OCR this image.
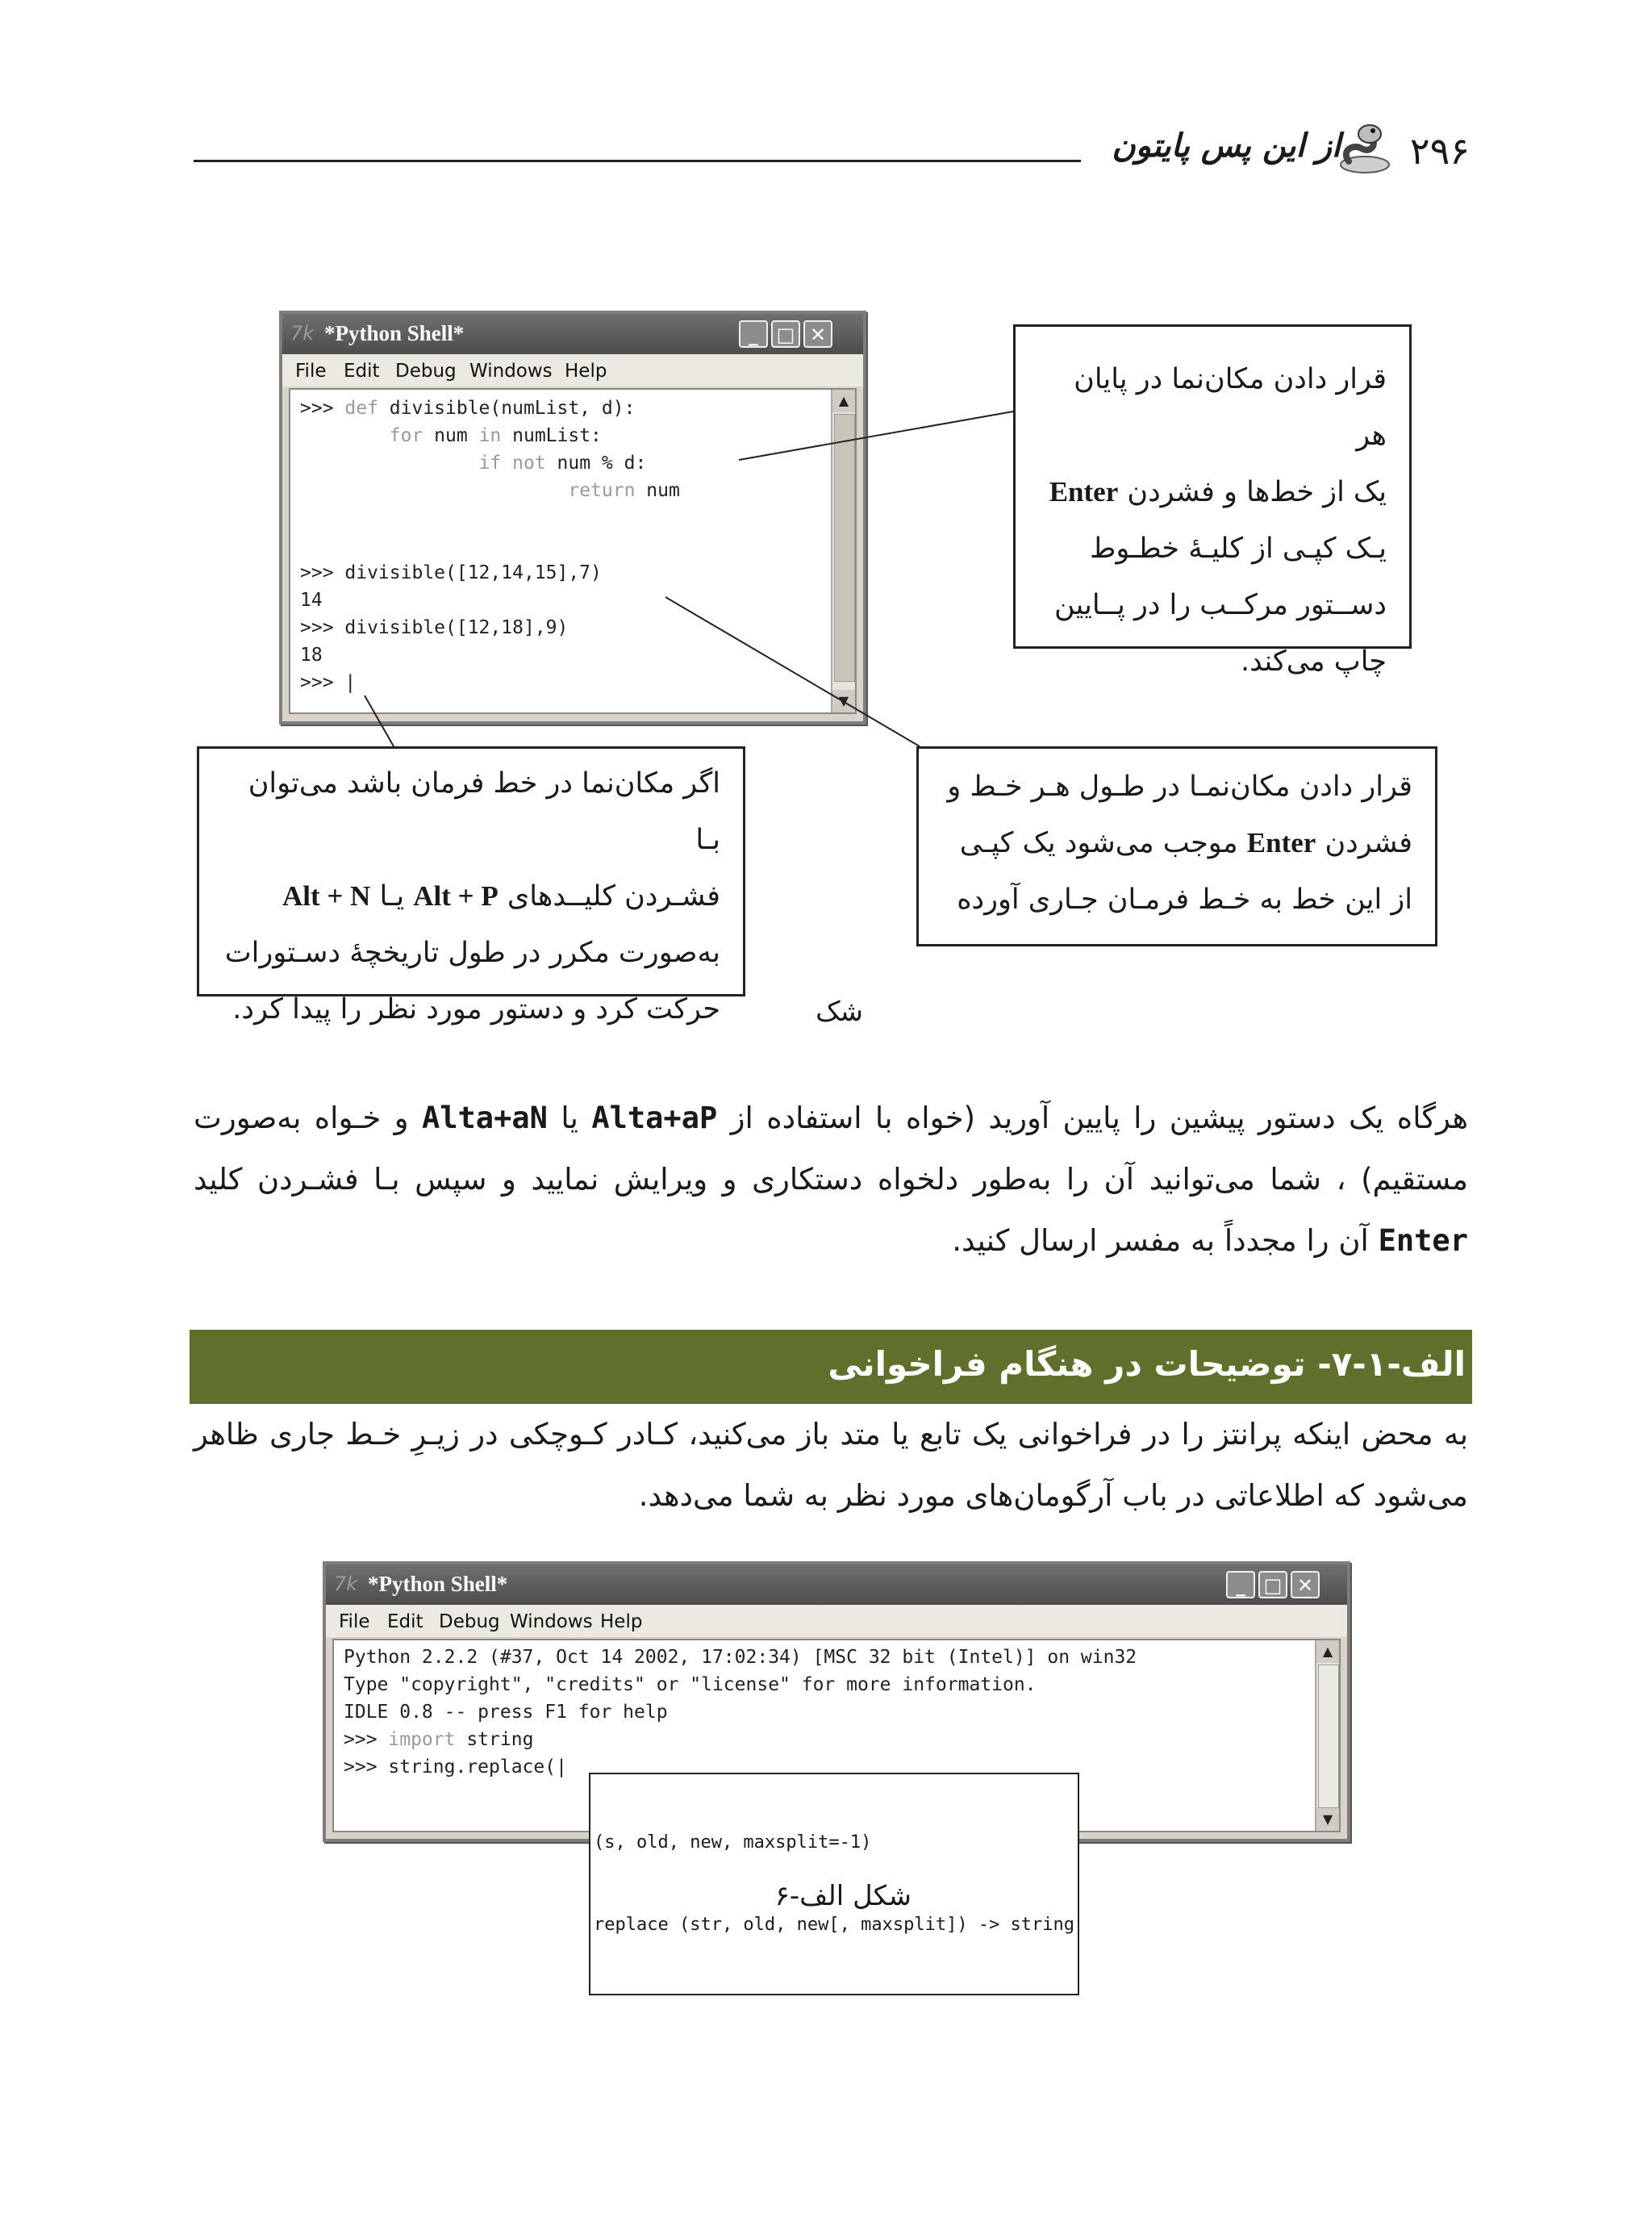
۲۹۶
از این پس پایتون
7k *Python Shell*	_ □ ✕
File Edit Debug Windows Help
>>> def divisible(numList, d):
for num in numList:
if not num % d:
return num
>>> divisible([12,14,15],7)
14
>>> divisible([12,18],9)
18
>>> |
▲
▼
قرار دادن مکان‌نما در پایان هر
یک از خط‌ها و فشردن Enter
یـک کپـی از کلیـهٔ خطـوط
دســتور مرکــب را در پــایین
چاپ می‌کند.
قرار دادن مکان‌نمـا در طـول هـر خـط و
فشردن Enter موجب می‌شود یک کپـی
از این خط به خـط فرمـان جـاری آورده
اگر مکان‌نما در خط فرمان باشد می‌توان بـا
فشـردن کلیــدهای Alt + P یـا Alt + N
به‌صورت مکرر در طول تاریخچهٔ دسـتورات
حرکت کرد و دستور مورد نظر را پیدا کرد.	شک
هرگاه یک دستور پیشین را پایین آورید (خواه با استفاده از Alta+aP یا Alta+aN و خـواه به‌صورت مستقیم) ، شما می‌توانید آن را به‌طور دلخواه دستکاری و ویرایش نمایید و سپس بـا فشـردن کلید Enter آن را مجدداً به مفسر ارسال کنید.
الف-۱-۷- توضیحات در هنگام فراخوانی
به محض اینکه پرانتز را در فراخوانی یک تابع یا متد باز می‌کنید، کـادر کـوچکی در زیـرِ خـط جاری ظاهر می‌شود که اطلاعاتی در باب آرگومان‌های مورد نظر به شما می‌دهد.
7k *Python Shell*	_ □ ✕
File Edit Debug Windows Help
Python 2.2.2 (#37, Oct 14 2002, 17:02:34) [MSC 32 bit (Intel)] on win32
Type "copyright", "credits" or "license" for more information.
IDLE 0.8 -- press F1 for help
>>> import string
>>> string.replace(|

(s, old, new, maxsplit=-1)

replace (str, old, new[, maxsplit]) -> string

▲
▼
شکل الف-۶
